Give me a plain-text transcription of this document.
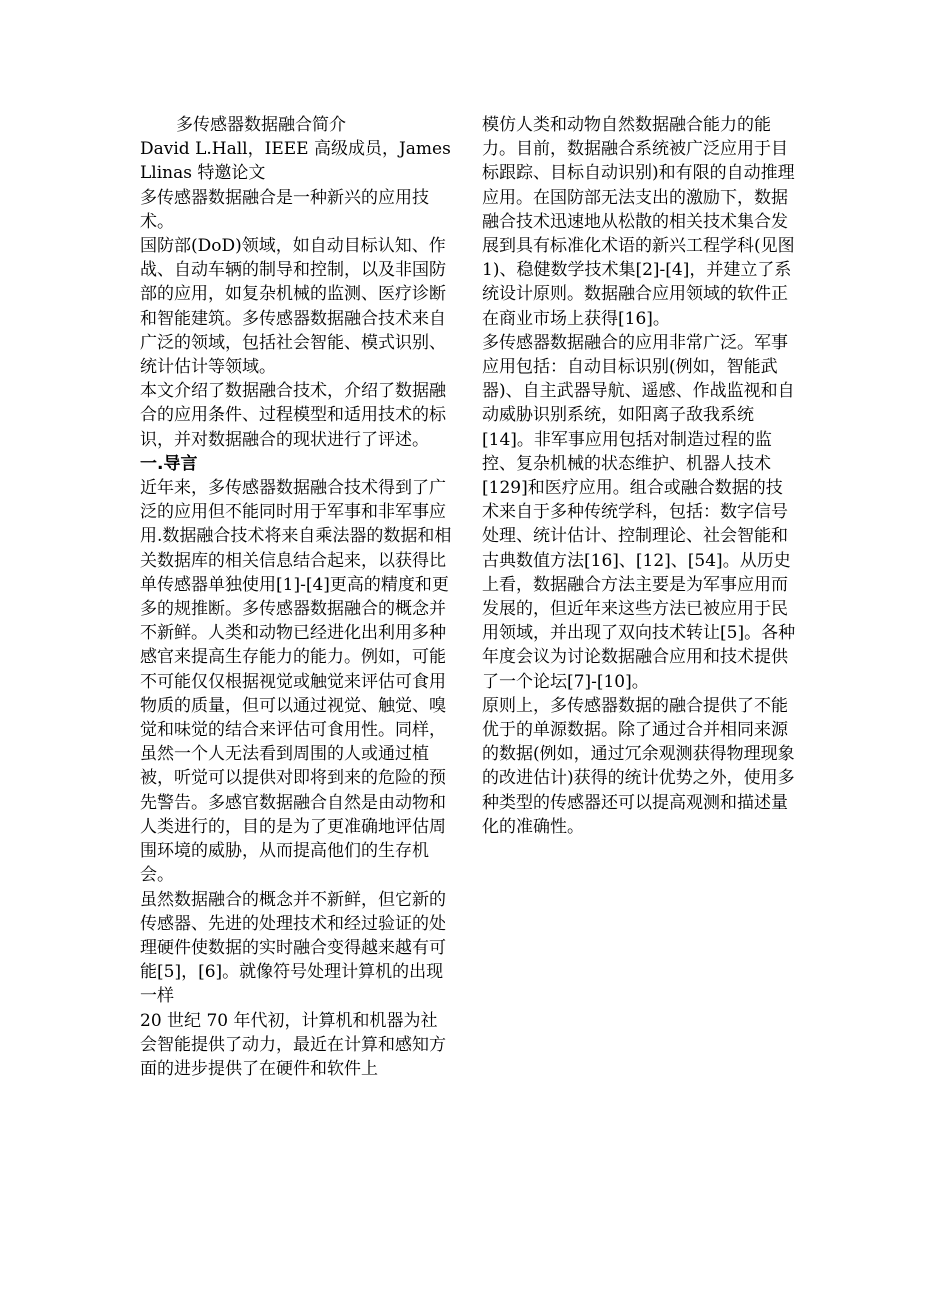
多传感器数据融合简介

David L.Hall，IEEE 高级成员，James Llinas 特邀论文

多传感器数据融合是一种新兴的应用技术。

国防部(DoD)领域，如自动目标认知、作战、自动车辆的制导和控制，以及非国防部的应用，如复杂机械的监测、医疗诊断和智能建筑。多传感器数据融合技术来自广泛的领域，包括社会智能、模式识别、统计估计等领域。

本文介绍了数据融合技术，介绍了数据融合的应用条件、过程模型和适用技术的标识，并对数据融合的现状进行了评述。

一.导言

近年来，多传感器数据融合技术得到了广泛的应用但不能同时用于军事和非军事应用.数据融合技术将来自乘法器的数据和相关数据库的相关信息结合起来，以获得比单传感器单独使用[1]-[4]更高的精度和更多的规推断。多传感器数据融合的概念并不新鲜。人类和动物已经进化出利用多种感官来提高生存能力的能力。例如，可能不可能仅仅根据视觉或触觉来评估可食用物质的质量，但可以通过视觉、触觉、嗅觉和味觉的结合来评估可食用性。同样，虽然一个人无法看到周围的人或通过植被，听觉可以提供对即将到来的危险的预先警告。多感官数据融合自然是由动物和人类进行的，目的是为了更准确地评估周围环境的威胁，从而提高他们的生存机会。

虽然数据融合的概念并不新鲜，但它新的传感器、先进的处理技术和经过验证的处理硬件使数据的实时融合变得越来越有可能[5]，[6]。就像符号处理计算机的出现一样

20 世纪 70 年代初，计算机和机器为社会智能提供了动力，最近在计算和感知方面的进步提供了在硬件和软件上

模仿人类和动物自然数据融合能力的能力。目前，数据融合系统被广泛应用于目标跟踪、目标自动识别)和有限的自动推理应用。在国防部无法支出的激励下，数据融合技术迅速地从松散的相关技术集合发展到具有标准化术语的新兴工程学科(见图 1)、稳健数学技术集[2]-[4]，并建立了系统设计原则。数据融合应用领域的软件正在商业市场上获得[16]。

多传感器数据融合的应用非常广泛。军事应用包括：自动目标识别(例如，智能武器)、自主武器导航、遥感、作战监视和自动威胁识别系统，如阳离子敌我系统[14]。非军事应用包括对制造过程的监控、复杂机械的状态维护、机器人技术[129]和医疗应用。组合或融合数据的技术来自于多种传统学科，包括：数字信号处理、统计估计、控制理论、社会智能和古典数值方法[16]、[12]、[54]。从历史上看，数据融合方法主要是为军事应用而发展的，但近年来这些方法已被应用于民用领域，并出现了双向技术转让[5]。各种年度会议为讨论数据融合应用和技术提供了一个论坛[7]-[10]。

原则上，多传感器数据的融合提供了不能优于的单源数据。除了通过合并相同来源的数据(例如，通过冗余观测获得物理现象的改进估计)获得的统计优势之外，使用多种类型的传感器还可以提高观测和描述量化的准确性。
